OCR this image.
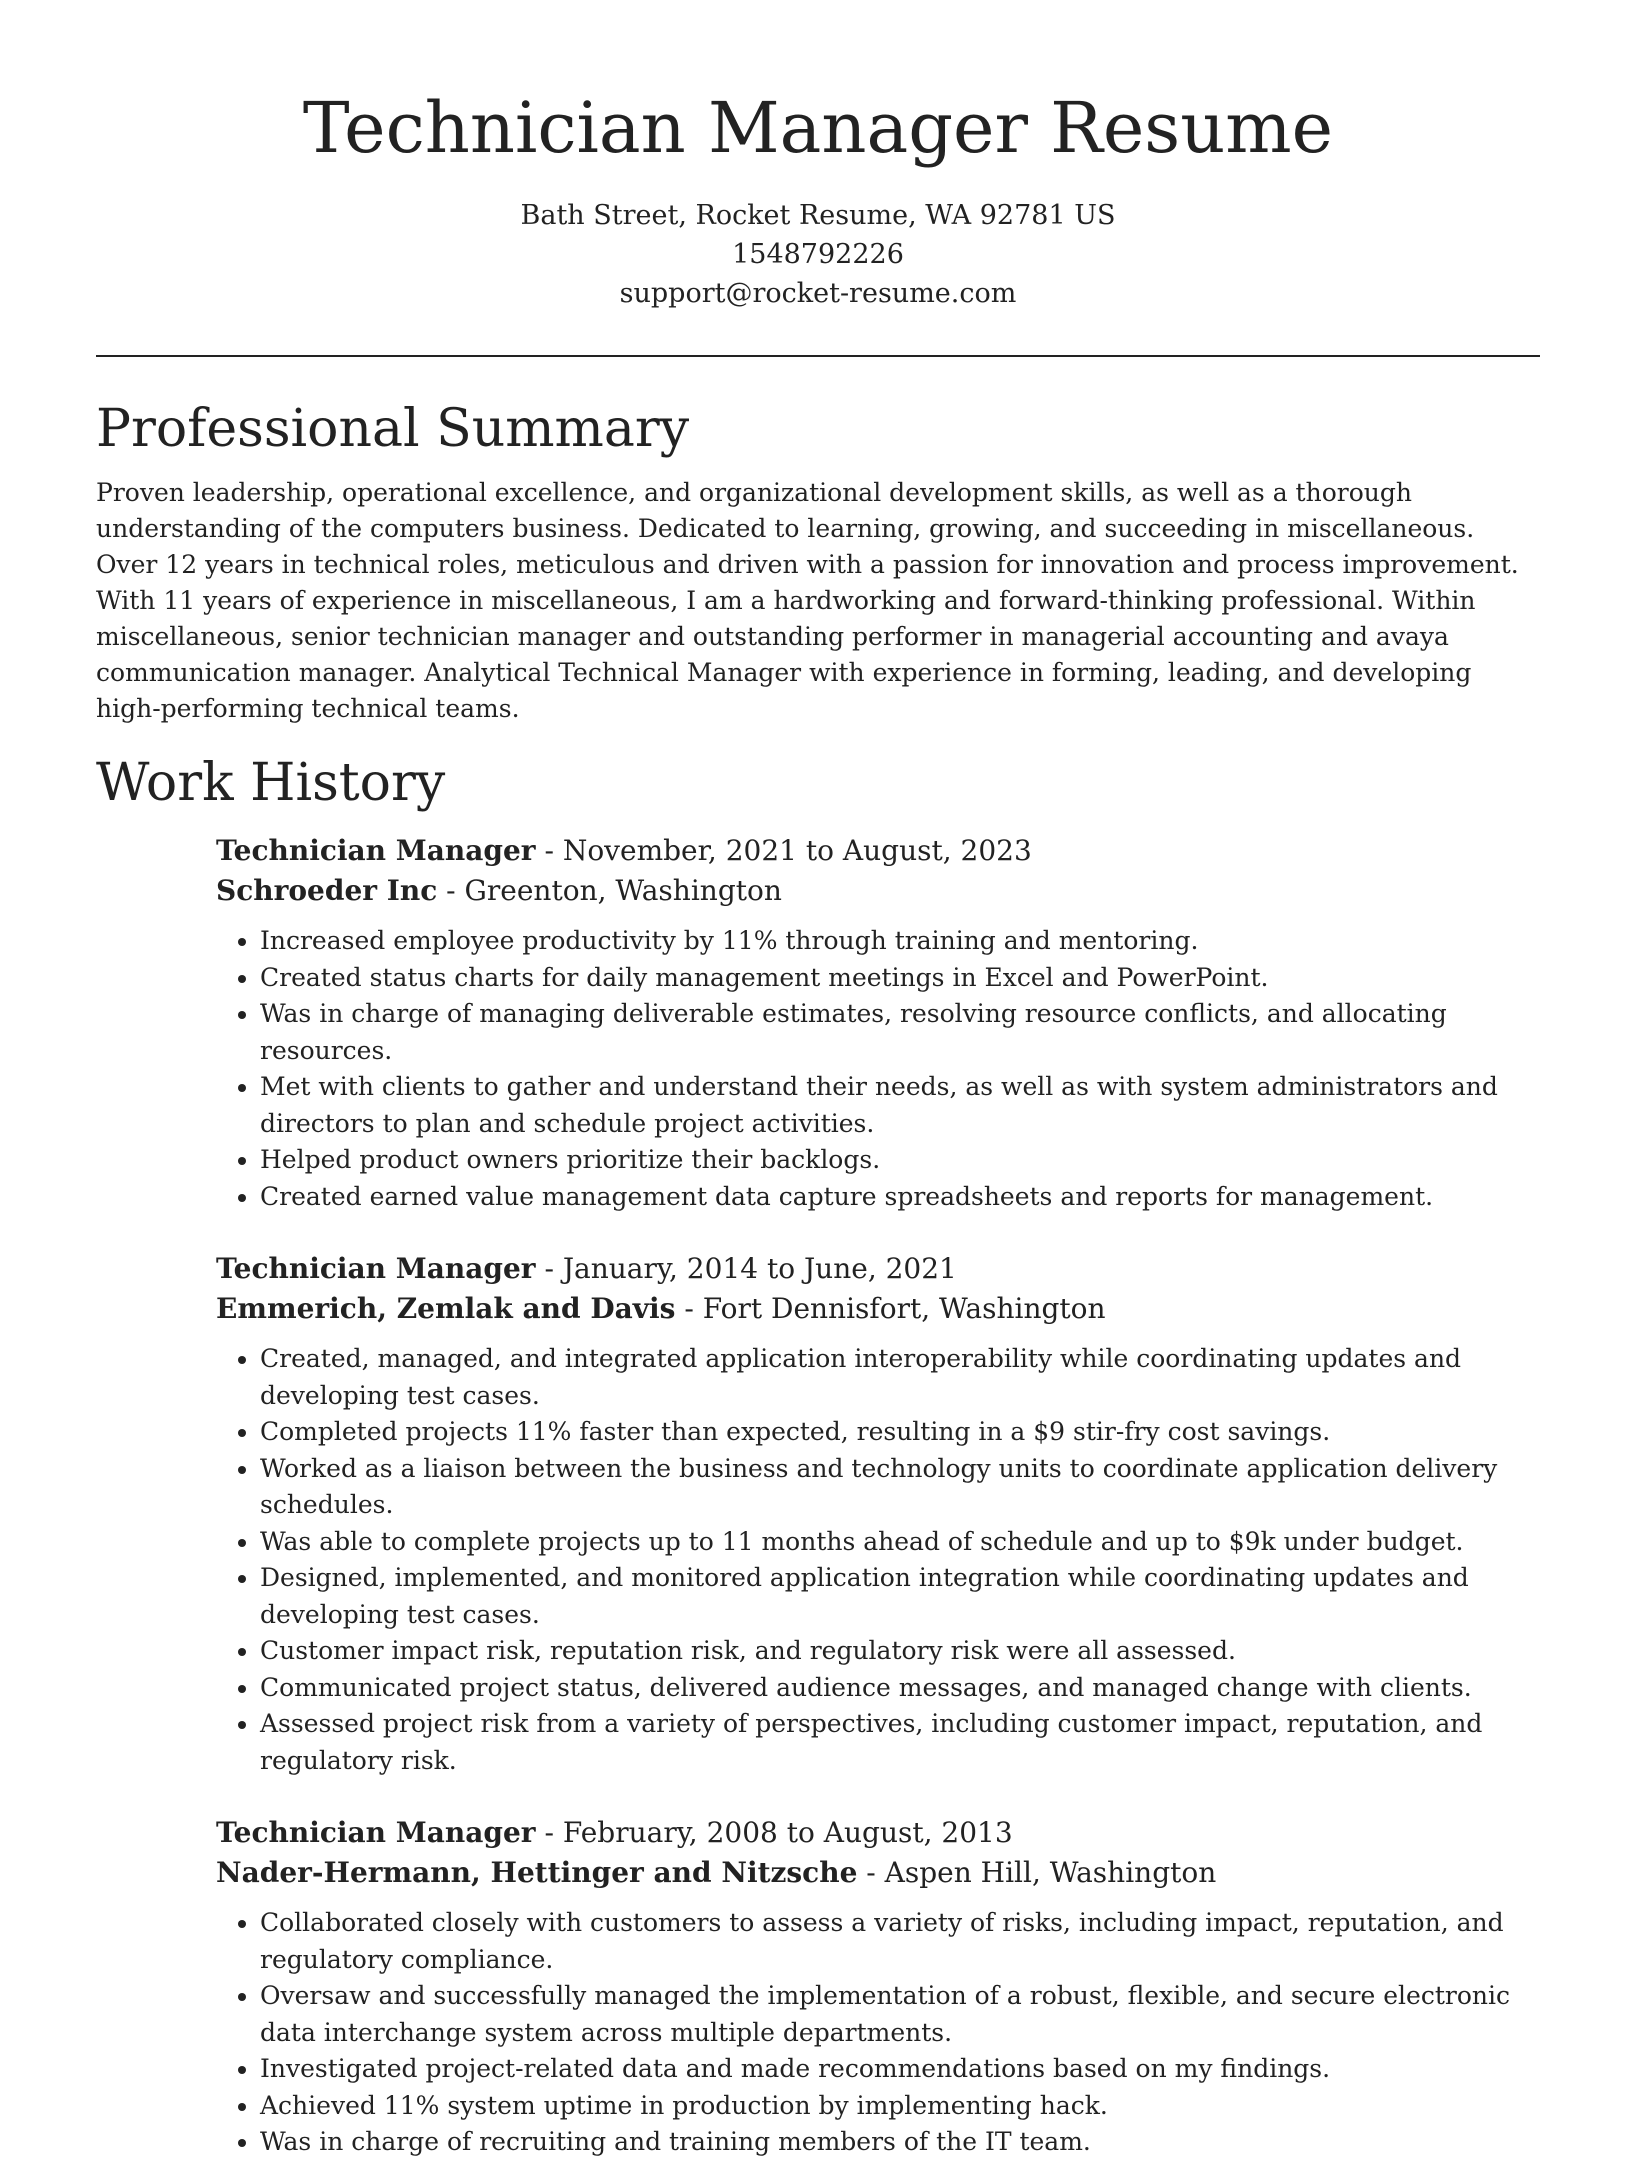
Technician Manager Resume

Bath Street, Rocket Resume, WA 92781 US

1548792226

support@rocket-resume.com

Professional Summary

Proven leadership, operational excellence, and organizational development skills, as well as a thorough understanding of the computers business. Dedicated to learning, growing, and succeeding in miscellaneous. Over 12 years in technical roles, meticulous and driven with a passion for innovation and process improvement. With 11 years of experience in miscellaneous, I am a hardworking and forward-thinking professional. Within miscellaneous, senior technician manager and outstanding performer in managerial accounting and avaya communication manager. Analytical Technical Manager with experience in forming, leading, and developing high-performing technical teams.

Work History

Technician Manager - November, 2021 to August, 2023

Schroeder Inc - Greenton, Washington

• Increased employee productivity by 11% through training and mentoring.
• Created status charts for daily management meetings in Excel and PowerPoint.
• Was in charge of managing deliverable estimates, resolving resource conflicts, and allocating resources.
• Met with clients to gather and understand their needs, as well as with system administrators and directors to plan and schedule project activities.
• Helped product owners prioritize their backlogs.
• Created earned value management data capture spreadsheets and reports for management.

Technician Manager - January, 2014 to June, 2021

Emmerich, Zemlak and Davis - Fort Dennisfort, Washington

• Created, managed, and integrated application interoperability while coordinating updates and developing test cases.
• Completed projects 11% faster than expected, resulting in a $9 stir-fry cost savings.
• Worked as a liaison between the business and technology units to coordinate application delivery schedules.
• Was able to complete projects up to 11 months ahead of schedule and up to $9k under budget.
• Designed, implemented, and monitored application integration while coordinating updates and developing test cases.
• Customer impact risk, reputation risk, and regulatory risk were all assessed.
• Communicated project status, delivered audience messages, and managed change with clients.
• Assessed project risk from a variety of perspectives, including customer impact, reputation, and regulatory risk.

Technician Manager - February, 2008 to August, 2013

Nader-Hermann, Hettinger and Nitzsche - Aspen Hill, Washington

• Collaborated closely with customers to assess a variety of risks, including impact, reputation, and regulatory compliance.
• Oversaw and successfully managed the implementation of a robust, flexible, and secure electronic data interchange system across multiple departments.
• Investigated project-related data and made recommendations based on my findings.
• Achieved 11% system uptime in production by implementing hack.
• Was in charge of recruiting and training members of the IT team.
